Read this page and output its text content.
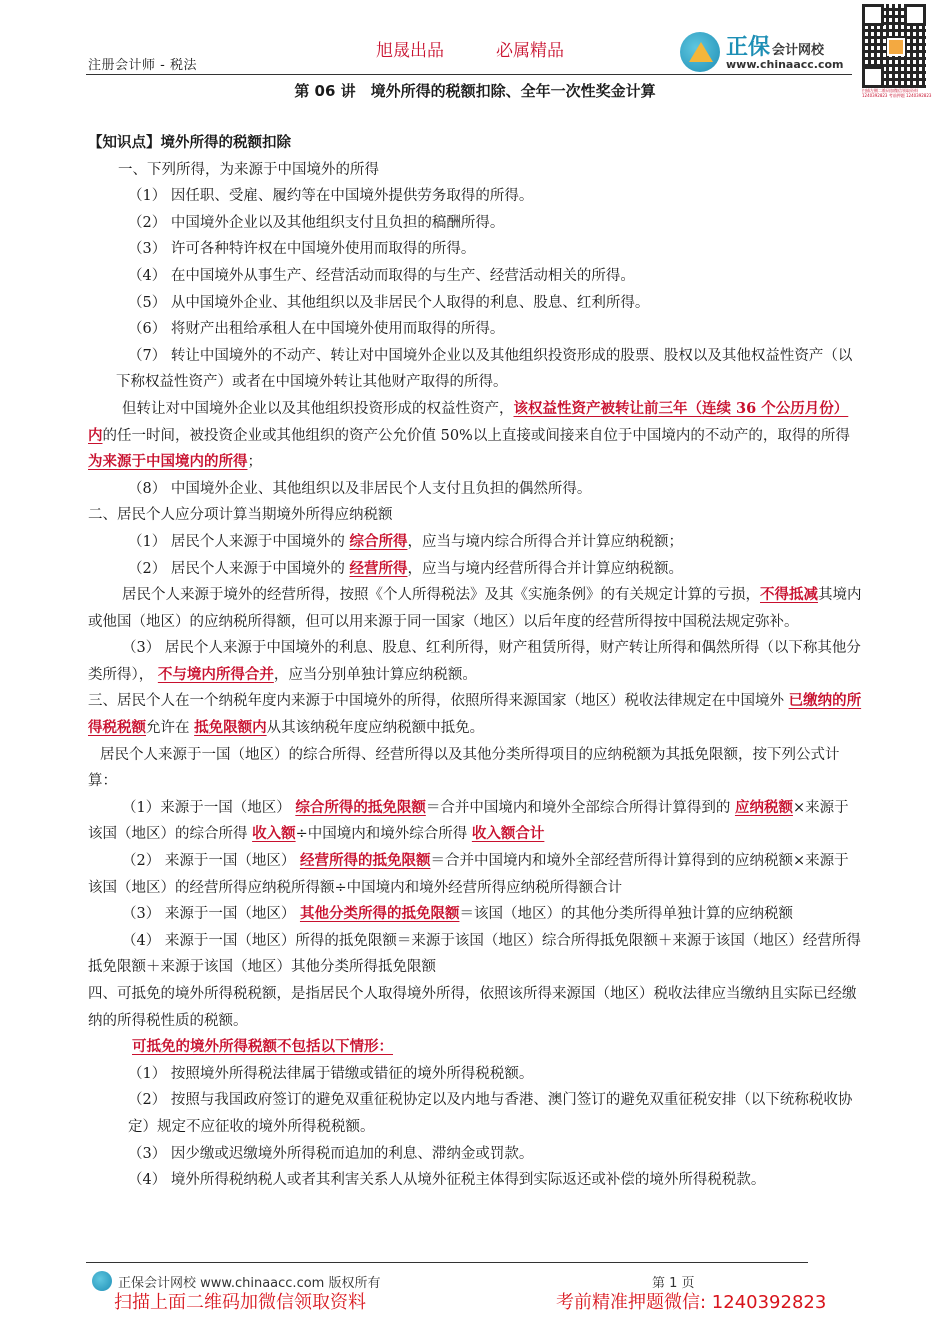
旭晟出品	必属精品
注册会计师 - 税法
正保 会计网校
www.chinaacc.com
扫描左侧二维码加微信领取资料 1240392823 考前押题 1240392823
第 06 讲　境外所得的税额扣除、全年一次性奖金计算

【知识点】境外所得的税额扣除

一、下列所得，为来源于中国境外的所得

（1） 因任职、受雇、履约等在中国境外提供劳务取得的所得。

（2） 中国境外企业以及其他组织支付且负担的稿酬所得。

（3） 许可各种特许权在中国境外使用而取得的所得。

（4） 在中国境外从事生产、经营活动而取得的与生产、经营活动相关的所得。

（5） 从中国境外企业、其他组织以及非居民个人取得的利息、股息、红利所得。

（6） 将财产出租给承租人在中国境外使用而取得的所得。

（7） 转让中国境外的不动产、转让对中国境外企业以及其他组织投资形成的股票、股权以及其他权益性资产（以下称权益性资产）或者在中国境外转让其他财产取得的所得。

但转让对中国境外企业以及其他组织投资形成的权益性资产，该权益性资产被转让前三年（连续 36 个公历月份）内的任一时间，被投资企业或其他组织的资产公允价值 50%以上直接或间接来自位于中国境内的不动产的，取得的所得 为来源于中国境内的所得；

（8） 中国境外企业、其他组织以及非居民个人支付且负担的偶然所得。

二、居民个人应分项计算当期境外所得应纳税额

（1） 居民个人来源于中国境外的 综合所得，应当与境内综合所得合并计算应纳税额；

（2） 居民个人来源于中国境外的 经营所得，应当与境内经营所得合并计算应纳税额。

居民个人来源于境外的经营所得，按照《个人所得税法》及其《实施条例》的有关规定计算的亏损，不得抵减其境内或他国（地区）的应纳税所得额，但可以用来源于同一国家（地区）以后年度的经营所得按中国税法规定弥补。

（3） 居民个人来源于中国境外的利息、股息、红利所得，财产租赁所得，财产转让所得和偶然所得（以下称其他分类所得）， 不与境内所得合并，应当分别单独计算应纳税额。

三、居民个人在一个纳税年度内来源于中国境外的所得，依照所得来源国家（地区）税收法律规定在中国境外 已缴纳的所得税税额允许在 抵免限额内从其该纳税年度应纳税额中抵免。

居民个人来源于一国（地区）的综合所得、经营所得以及其他分类所得项目的应纳税额为其抵免限额，按下列公式计算：

（1）来源于一国（地区） 综合所得的抵免限额＝合并中国境内和境外全部综合所得计算得到的 应纳税额×来源于该国（地区）的综合所得 收入额÷中国境内和境外综合所得 收入额合计

（2） 来源于一国（地区） 经营所得的抵免限额＝合并中国境内和境外全部经营所得计算得到的应纳税额×来源于该国（地区）的经营所得应纳税所得额÷中国境内和境外经营所得应纳税所得额合计

（3） 来源于一国（地区） 其他分类所得的抵免限额＝该国（地区）的其他分类所得单独计算的应纳税额

（4） 来源于一国（地区）所得的抵免限额＝来源于该国（地区）综合所得抵免限额＋来源于该国（地区）经营所得抵免限额＋来源于该国（地区）其他分类所得抵免限额

四、可抵免的境外所得税税额，是指居民个人取得境外所得，依照该所得来源国（地区）税收法律应当缴纳且实际已经缴纳的所得税性质的税额。

可抵免的境外所得税额不包括以下情形：

（1） 按照境外所得税法律属于错缴或错征的境外所得税税额。

（2） 按照与我国政府签订的避免双重征税协定以及内地与香港、澳门签订的避免双重征税安排（以下统称税收协定）规定不应征收的境外所得税税额。

（3） 因少缴或迟缴境外所得税而追加的利息、滞纳金或罚款。

（4） 境外所得税纳税人或者其利害关系人从境外征税主体得到实际返还或补偿的境外所得税税款。

正保会计网校 www.chinaacc.com 版权所有	第 1 页
扫描上面二维码加微信领取资料	考前精准押题微信: 1240392823
